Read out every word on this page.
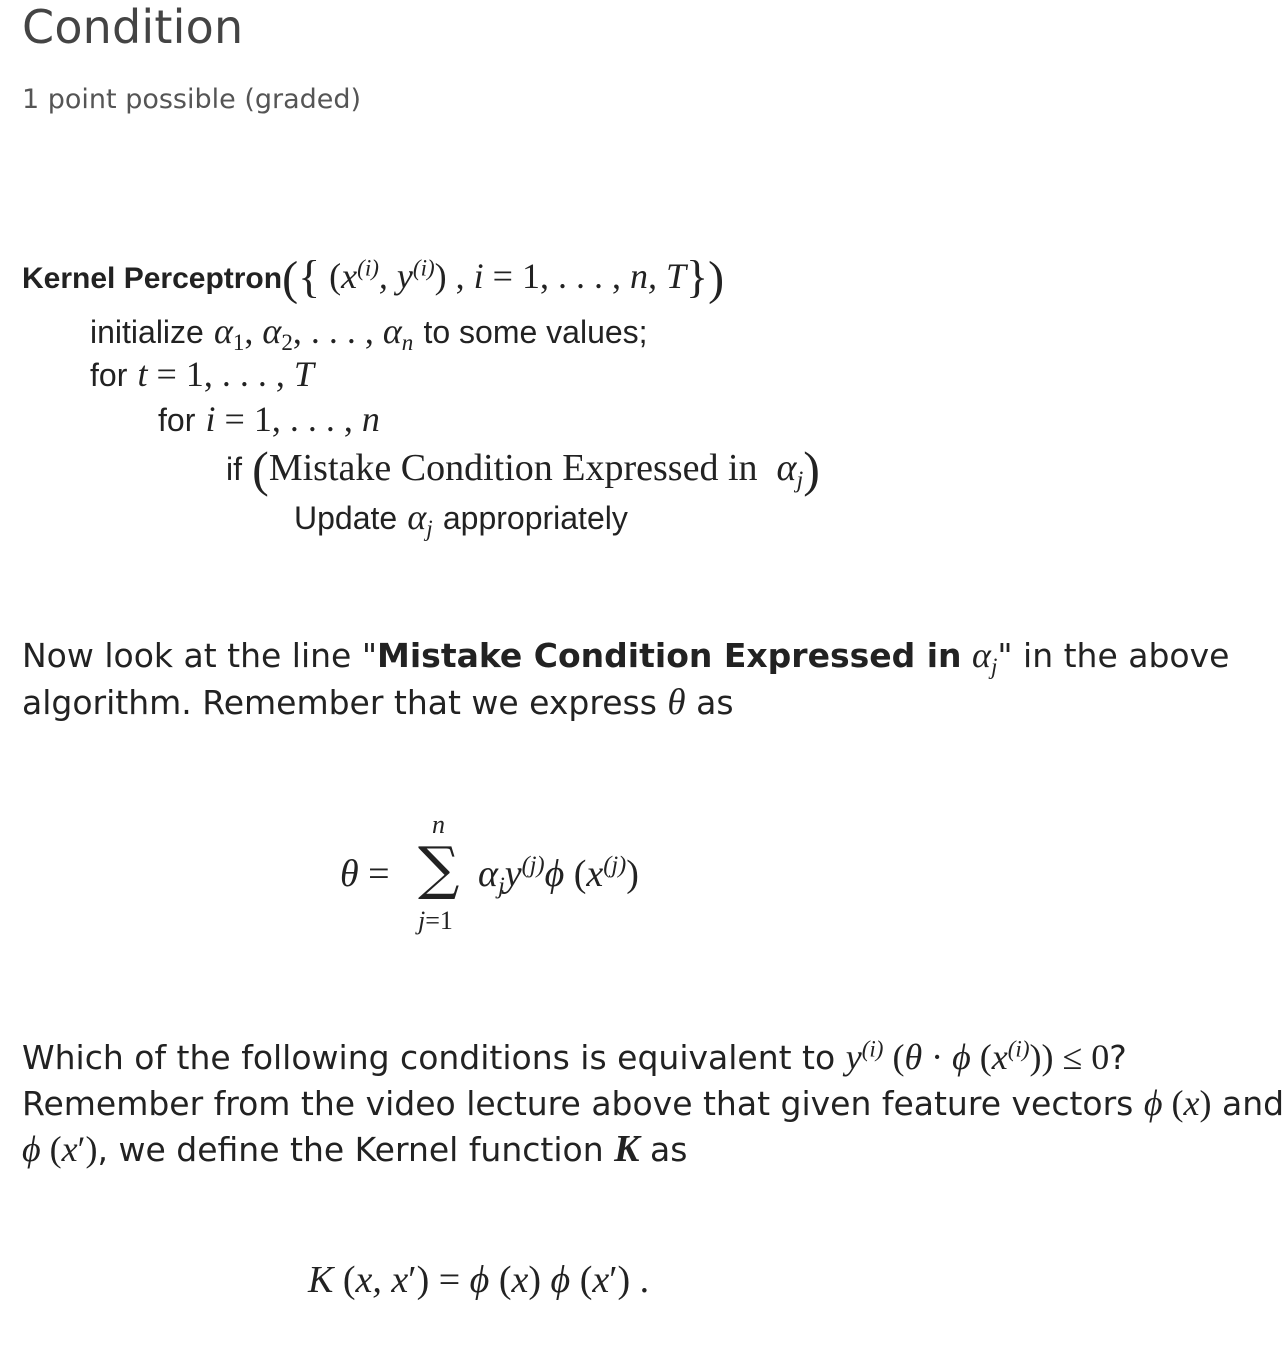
Condition
1 point possible (graded)
Kernel Perceptron({ ($x^{(i)}$, $y^{(i)}$) , i = 1, . . . , n, T})
initialize $\alpha_1$, $\alpha_2$, . . . , $\alpha_n$ to some values;
for t = 1, . . . , T
for i = 1, . . . , n
if (Mistake Condition Expressed in $\alpha_j$)
Update $\alpha_j$ appropriately
Now look at the line "Mistake Condition Expressed in $\alpha_j$" in the above
algorithm. Remember that we express θ as
θ =
n
∑
j=1
$\alpha_jy^{(j)}\phi$ $(x^{(j)})$
Which of the following conditions is equivalent to $y^{(i)}$ (θ · ϕ $(x^{(i)})) \le 0$?
Remember from the video lecture above that given feature vectors ϕ (x) and
ϕ (x′), we define the Kernel function K as
K (x, x′) = ϕ (x) ϕ (x′) .
